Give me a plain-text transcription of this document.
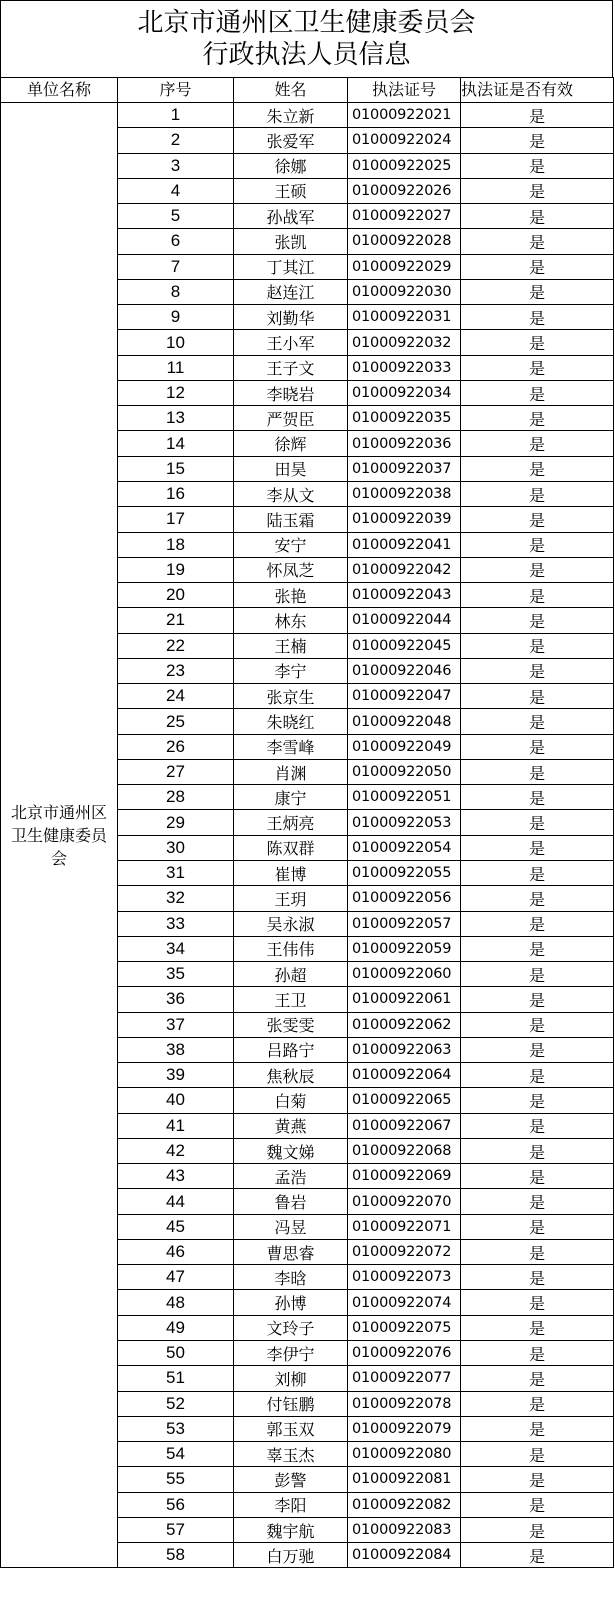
北京市通州区卫生健康委员会

行政执法人员信息

单位名称	序号	姓名	执法证号	执法证是否有效
北京市通州区卫生健康委员会	1	朱立新	01000922021	是
	2	张爱军	01000922024	是
	3	徐娜	01000922025	是
	4	王硕	01000922026	是
	5	孙战军	01000922027	是
	6	张凯	01000922028	是
	7	丁其江	01000922029	是
	8	赵连江	01000922030	是
	9	刘勤华	01000922031	是
	10	王小军	01000922032	是
	11	王子文	01000922033	是
	12	李晓岩	01000922034	是
	13	严贺臣	01000922035	是
	14	徐辉	01000922036	是
	15	田昊	01000922037	是
	16	李从文	01000922038	是
	17	陆玉霜	01000922039	是
	18	安宁	01000922041	是
	19	怀凤芝	01000922042	是
	20	张艳	01000922043	是
	21	林东	01000922044	是
	22	王楠	01000922045	是
	23	李宁	01000922046	是
	24	张京生	01000922047	是
	25	朱晓红	01000922048	是
	26	李雪峰	01000922049	是
	27	肖渊	01000922050	是
	28	康宁	01000922051	是
	29	王炳亮	01000922053	是
	30	陈双群	01000922054	是
	31	崔博	01000922055	是
	32	王玥	01000922056	是
	33	吴永淑	01000922057	是
	34	王伟伟	01000922059	是
	35	孙超	01000922060	是
	36	王卫	01000922061	是
	37	张雯雯	01000922062	是
	38	吕路宁	01000922063	是
	39	焦秋辰	01000922064	是
	40	白菊	01000922065	是
	41	黄燕	01000922067	是
	42	魏文娣	01000922068	是
	43	孟浩	01000922069	是
	44	鲁岩	01000922070	是
	45	冯昱	01000922071	是
	46	曹思睿	01000922072	是
	47	李晗	01000922073	是
	48	孙博	01000922074	是
	49	文玲子	01000922075	是
	50	李伊宁	01000922076	是
	51	刘柳	01000922077	是
	52	付钰鹏	01000922078	是
	53	郭玉双	01000922079	是
	54	辜玉杰	01000922080	是
	55	彭警	01000922081	是
	56	李阳	01000922082	是
	57	魏宇航	01000922083	是
	58	白万驰	01000922084	是
